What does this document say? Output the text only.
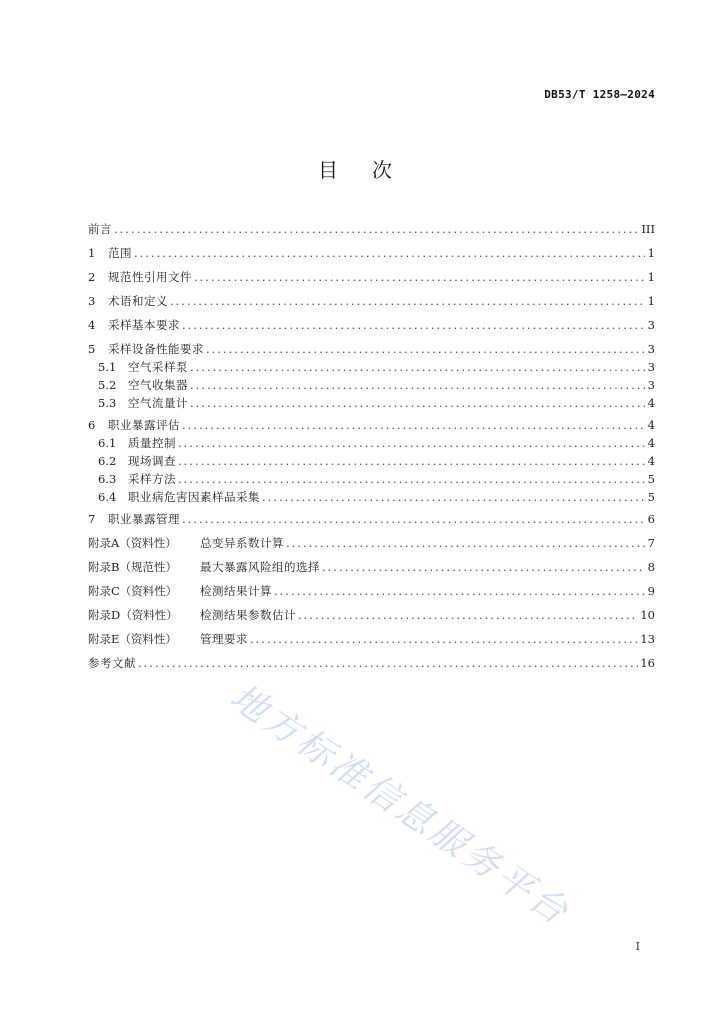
DB53/T 1258—2024
目次
前言 .....	III
1	范围 .....	1
2	规范性引用文件 .....	1
3	术语和定义 .....	1
4	采样基本要求 .....	3
5	采样设备性能要求 .....	3
5.1	空气采样泵 .....	3
5.2	空气收集器 .....	3
5.3	空气流量计 .....	4
6	职业暴露评估 .....	4
6.1	质量控制 .....	4
6.2	现场调查 .....	4
6.3	采样方法 .....	5
6.4	职业病危害因素样品采集 .....	5
7	职业暴露管理 .....	6
附录A（资料性）	总变异系数计算 .....	7
附录B（规范性）	最大暴露风险组的选择 .....	8
附录C（资料性）	检测结果计算 .....	9
附录D（资料性）	检测结果参数估计 .....	10
附录E（资料性）	管理要求 .....	13
参考文献 .....	16
地方标准信息服务平台
I
